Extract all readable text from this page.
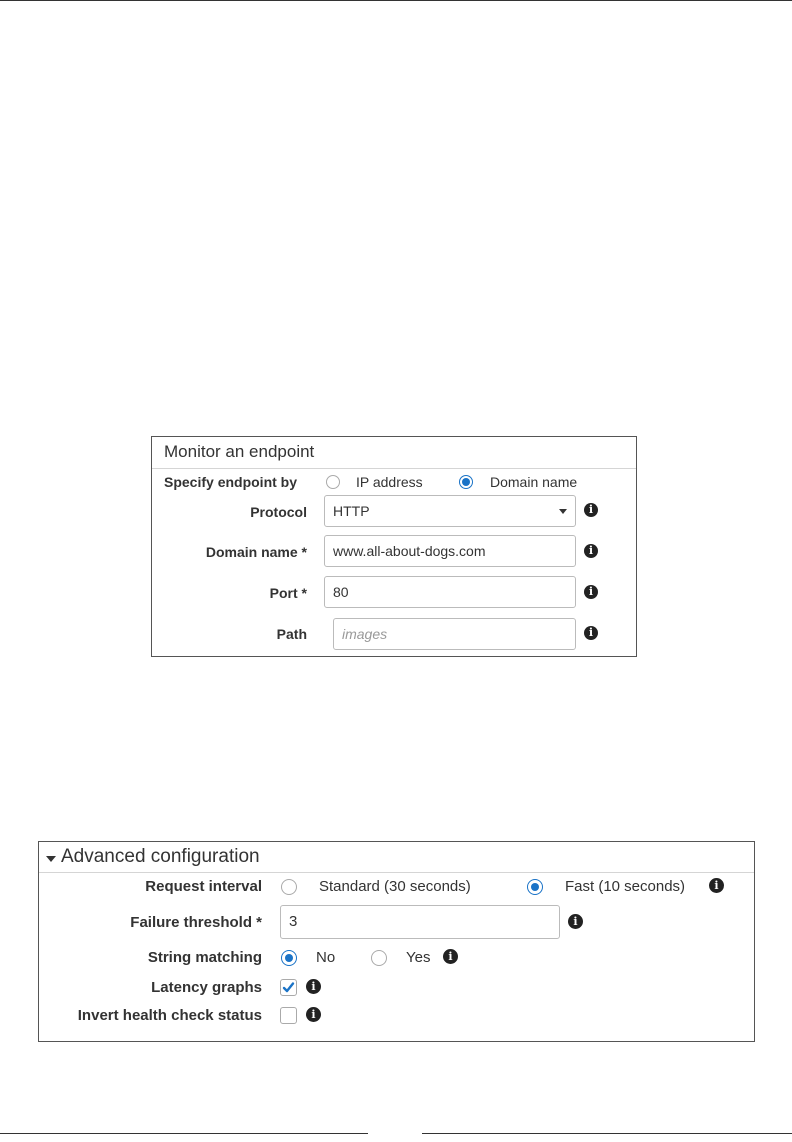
Monitor an endpoint
Specify endpoint by	IP address	Domain name
Protocol	HTTP	i
Domain name *	www.all-about-dogs.com	i
Port *	80	i
Path	images	i
Advanced configuration
Request interval	Standard (30 seconds)	Fast (10 seconds)	i
Failure threshold *	3	i
String matching	No	Yes	i
Latency graphs	i
Invert health check status	i
